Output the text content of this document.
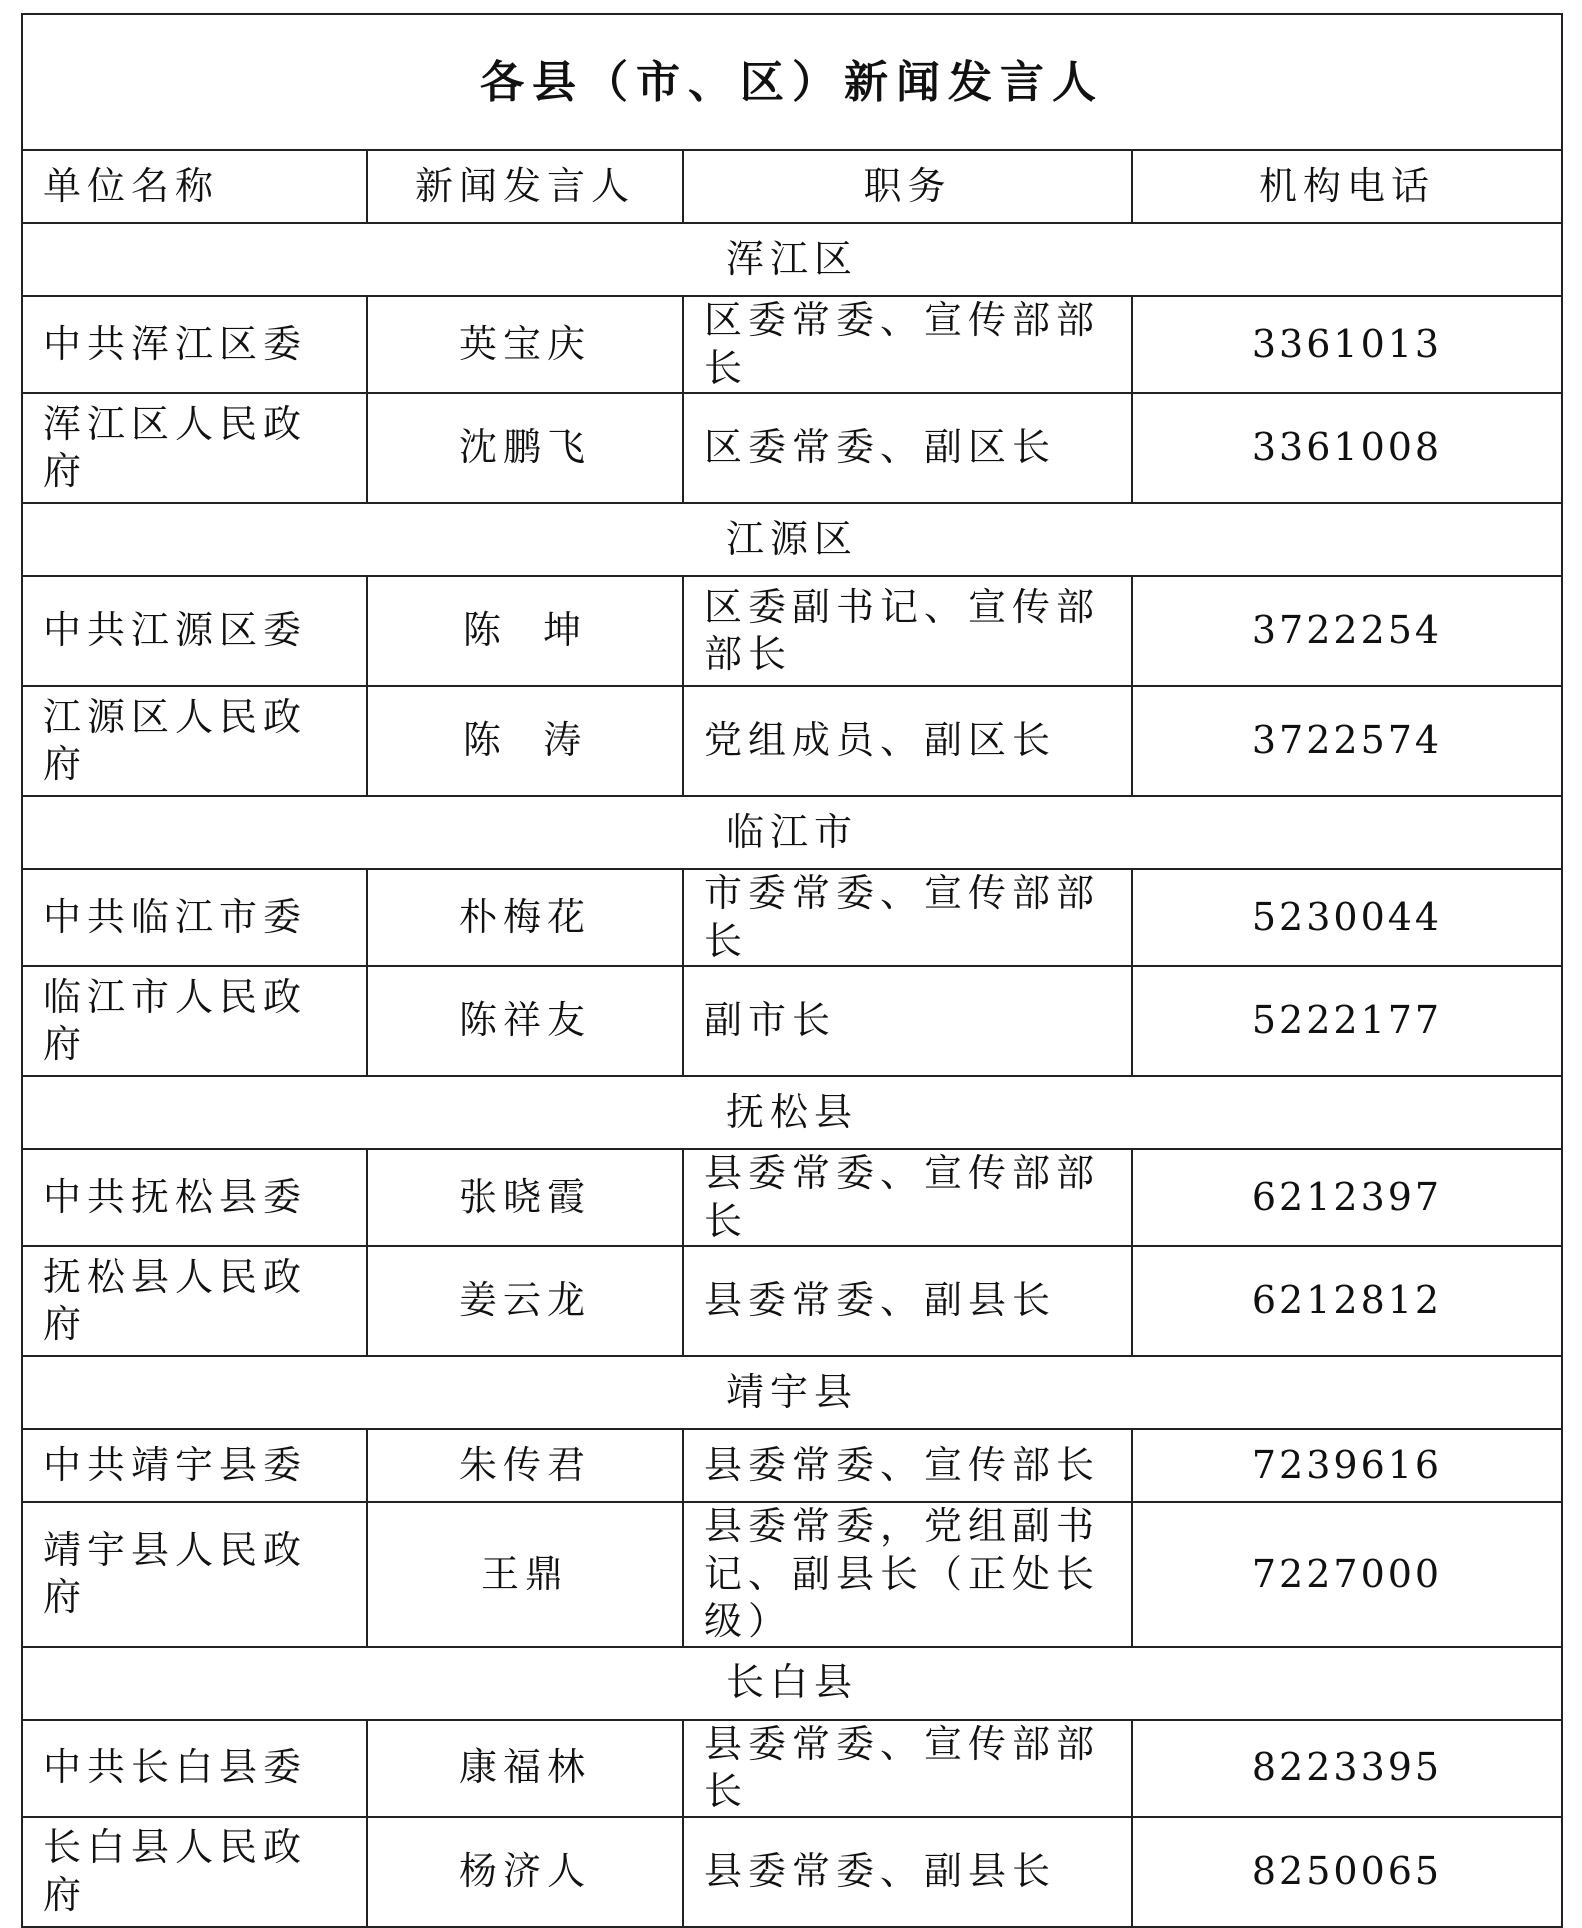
各县（市、区）新闻发言人			
单位名称	新闻发言人	职务	机构电话
浑江区			
中共浑江区委	英宝庆	区委常委、宣传部部长	3361013
浑江区人民政府	沈鹏飞	区委常委、副区长	3361008
江源区			
中共江源区委	陈  坤	区委副书记、宣传部部长	3722254
江源区人民政府	陈  涛	党组成员、副区长	3722574
临江市			
中共临江市委	朴梅花	市委常委、宣传部部长	5230044
临江市人民政府	陈祥友	副市长	5222177
抚松县			
中共抚松县委	张晓霞	县委常委、宣传部部长	6212397
抚松县人民政府	姜云龙	县委常委、副县长	6212812
靖宇县			
中共靖宇县委	朱传君	县委常委、宣传部长	7239616
靖宇县人民政府	王鼎	县委常委，党组副书记、副县长（正处长级）	7227000
长白县			
中共长白县委	康福林	县委常委、宣传部部长	8223395
长白县人民政府	杨济人	县委常委、副县长	8250065
